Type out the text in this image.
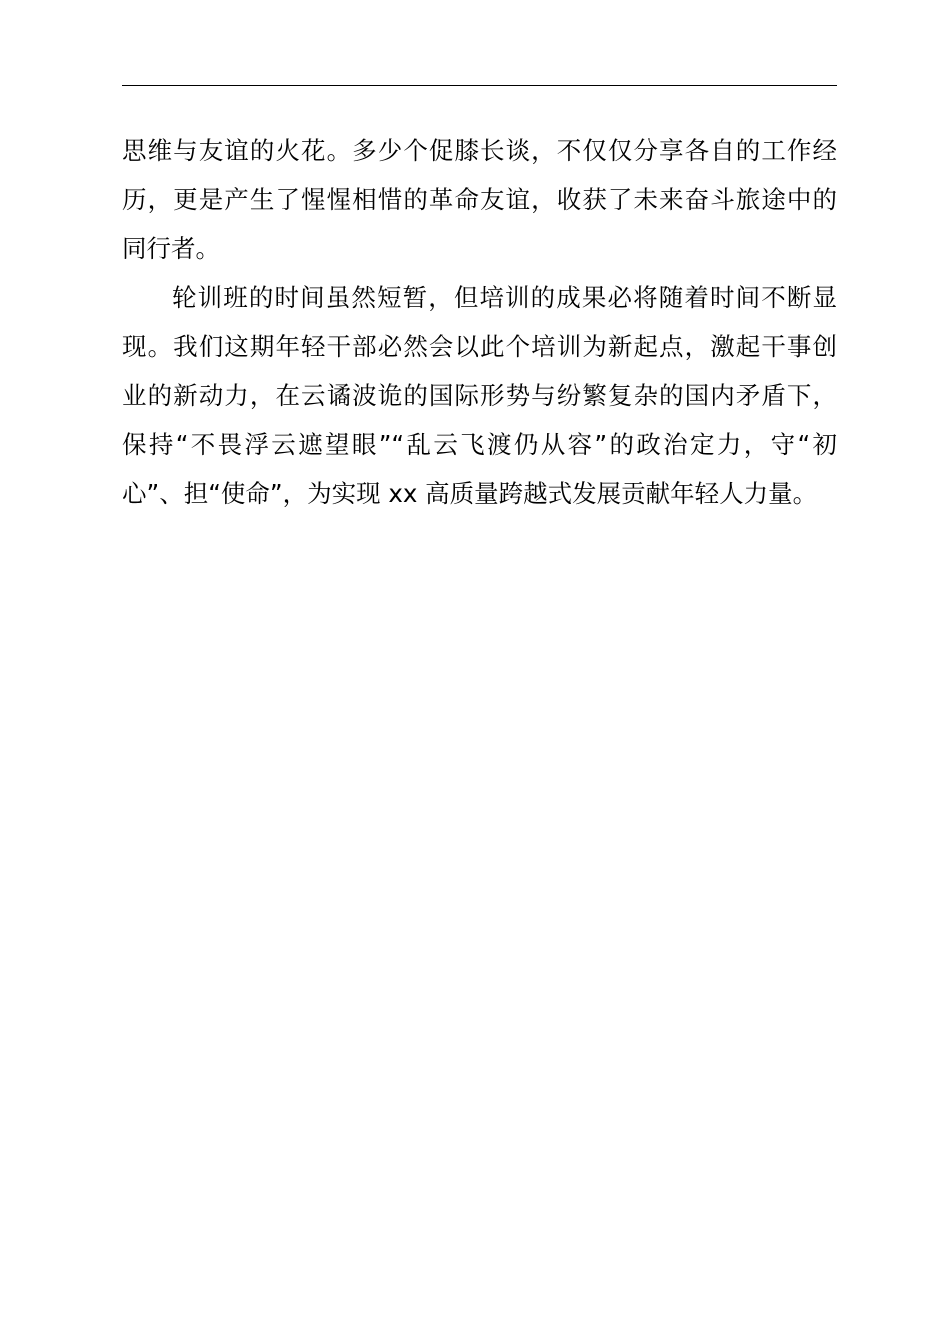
思维与友谊的火花。多少个促膝长谈，不仅仅分享各自的工作经
历，更是产生了惺惺相惜的革命友谊，收获了未来奋斗旅途中的
同行者。
轮训班的时间虽然短暂，但培训的成果必将随着时间不断显
现。我们这期年轻干部必然会以此个培训为新起点，激起干事创
业的新动力，在云谲波诡的国际形势与纷繁复杂的国内矛盾下，
保持“不畏浮云遮望眼”“乱云飞渡仍从容”的政治定力，守“初
心”、担“使命”，为实现 xx 高质量跨越式发展贡献年轻人力量。
